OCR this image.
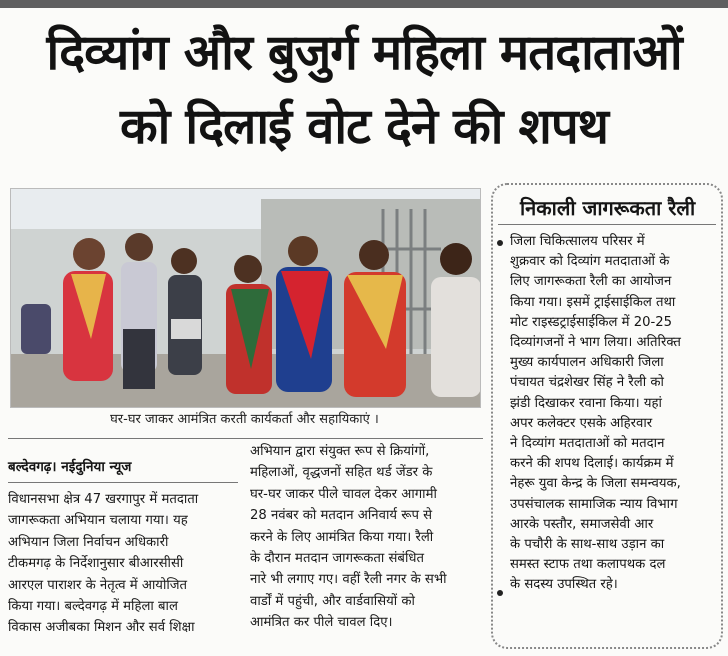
दिव्यांग और बुजुर्ग महिला मतदाताओं
को दिलाई वोट देने की शपथ
घर-घर जाकर आमंत्रित करती कार्यकर्ता और सहायिकाएं ।
बल्देवगढ़। नईदुनिया न्यूज

विधानसभा क्षेत्र 47 खरगापुर में मतदाता

जागरूकता अभियान चलाया गया। यह

अभियान जिला निर्वाचन अधिकारी

टीकमगढ़ के निर्देशानुसार बीआरसीसी

आरएल पाराशर के नेतृत्व में आयोजित

किया गया। बल्देवगढ़ में महिला बाल

विकास अजीबका मिशन और सर्व शिक्षा

अभियान द्वारा संयुक्त रूप से क्रियांगों,

महिलाओं, वृद्धजनों सहित थर्ड जेंडर के

घर-घर जाकर पीले चावल देकर आगामी

28 नवंबर को मतदान अनिवार्य रूप से

करने के लिए आमंत्रित किया गया। रैली

के दौरान मतदान जागरूकता संबंधित

नारे भी लगाए गए। वहीं रैली नगर के सभी

वार्डों में पहुंची, और वार्डवासियों को

आमंत्रित कर पीले चावल दिए।

निकाली जागरूकता रैली

जिला चिकित्सालय परिसर में

शुक्रवार को दिव्यांग मतदाताओं के

लिए जागरूकता रैली का आयोजन

किया गया। इसमें ट्राईसाईकिल तथा

मोट राइस्डट्राईसाईकिल में 20-25

दिव्यांगजनों ने भाग लिया। अतिरिक्त

मुख्य कार्यपालन अधिकारी जिला

पंचायत चंद्रशेखर सिंह ने रैली को

झंडी दिखाकर रवाना किया। यहां

अपर कलेक्टर एसके अहिरवार

ने दिव्यांग मतदाताओं को मतदान

करने की शपथ दिलाई। कार्यक्रम में

नेहरू युवा केन्द्र के जिला समन्वयक,

उपसंचालक सामाजिक न्याय विभाग

आरके पस्तौर, समाजसेवी आर

के पचौरी के साथ-साथ उड़ान का

समस्त स्टाफ तथा कलापथक दल

के सदस्य उपस्थित रहे।
